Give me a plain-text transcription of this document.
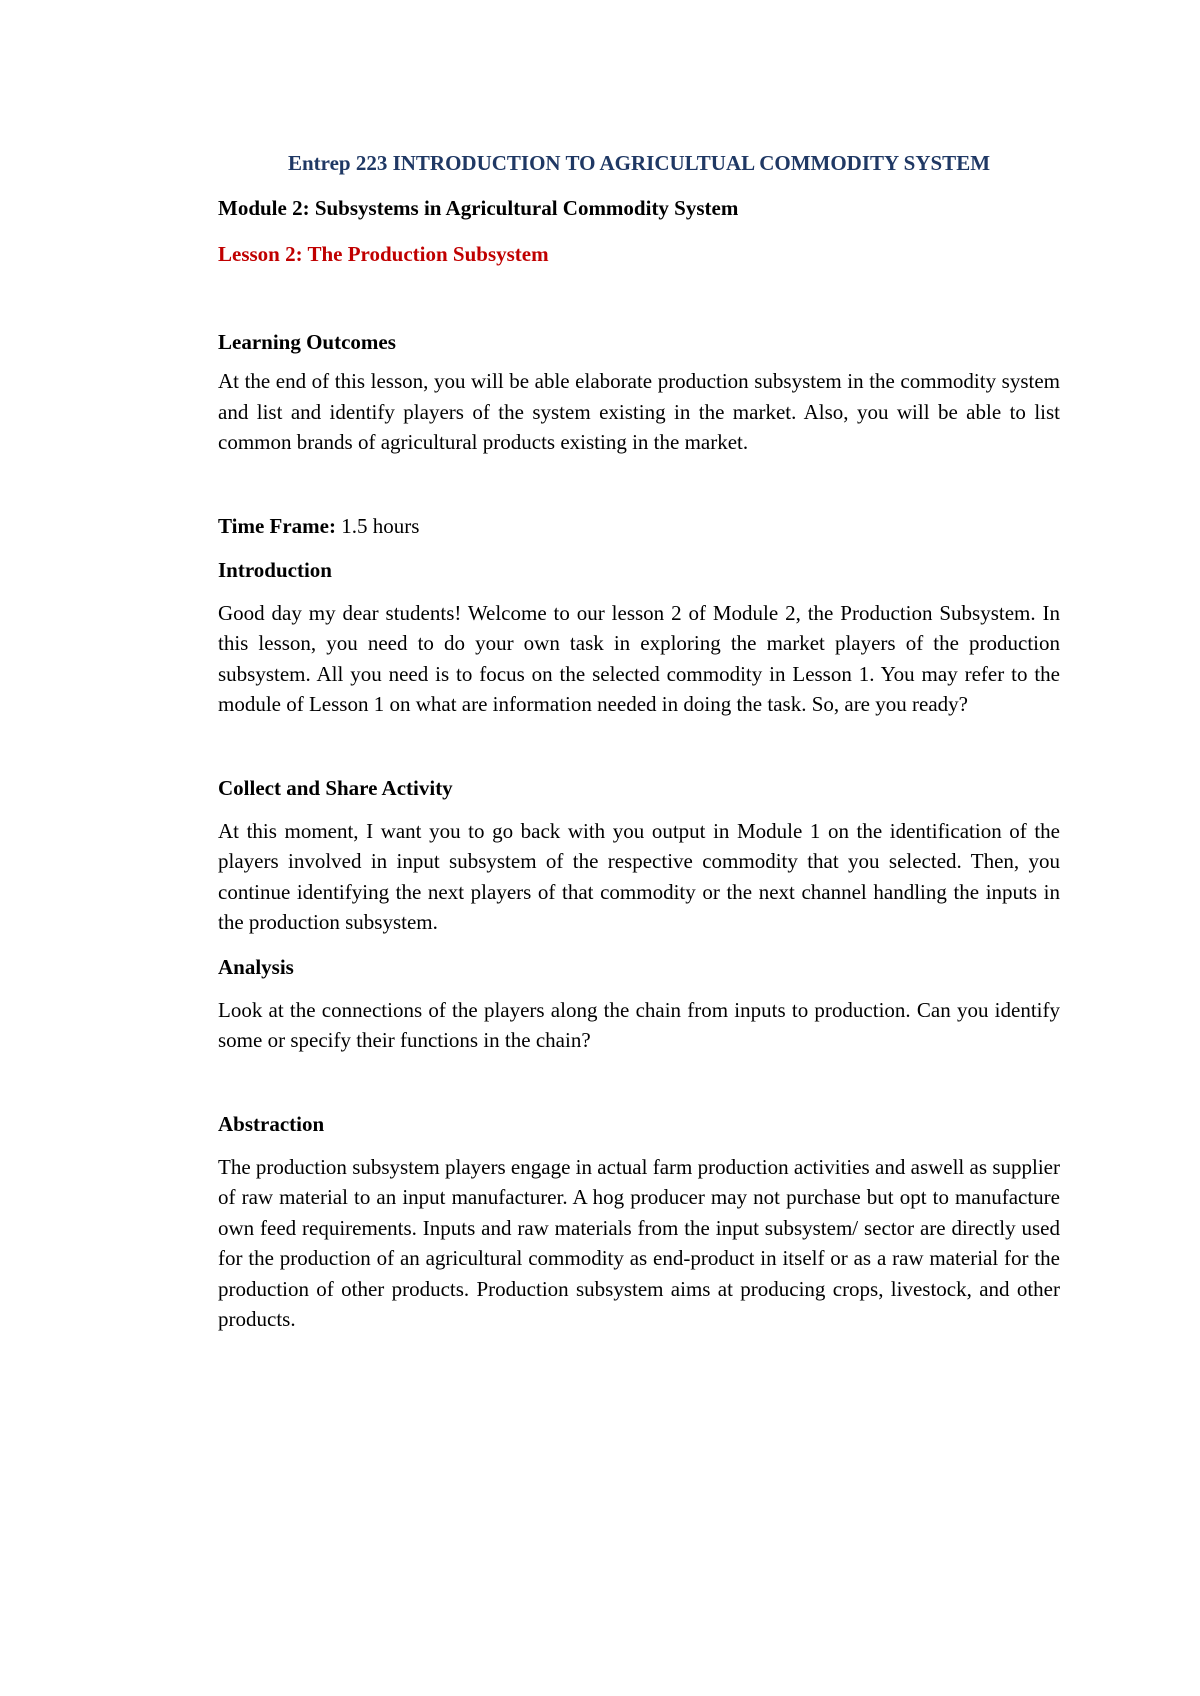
Entrep 223 INTRODUCTION TO AGRICULTUAL COMMODITY SYSTEM

Module 2: Subsystems in Agricultural Commodity System

Lesson 2: The Production Subsystem

Learning Outcomes

At the end of this lesson, you will be able elaborate production subsystem in the commodity system and list and identify players of the system existing in the market. Also, you will be able to list common brands of agricultural products existing in the market.

Time Frame: 1.5 hours

Introduction

Good day my dear students! Welcome to our lesson 2 of Module 2, the Production Subsystem. In this lesson, you need to do your own task in exploring the market players of the production subsystem. All you need is to focus on the selected commodity in Lesson 1. You may refer to the module of Lesson 1 on what are information needed in doing the task. So, are you ready?

Collect and Share Activity

At this moment, I want you to go back with you output in Module 1 on the identification of the players involved in input subsystem of the respective commodity that you selected. Then, you continue identifying the next players of that commodity or the next channel handling the inputs in the production subsystem.

Analysis

Look at the connections of the players along the chain from inputs to production. Can you identify some or specify their functions in the chain?

Abstraction

The production subsystem players engage in actual farm production activities and aswell as supplier of raw material to an input manufacturer. A hog producer may not purchase but opt to manufacture own feed requirements. Inputs and raw materials from the input subsystem/ sector are directly used for the production of an agricultural commodity as end-product in itself or as a raw material for the production of other products. Production subsystem aims at producing crops, livestock, and other products.
